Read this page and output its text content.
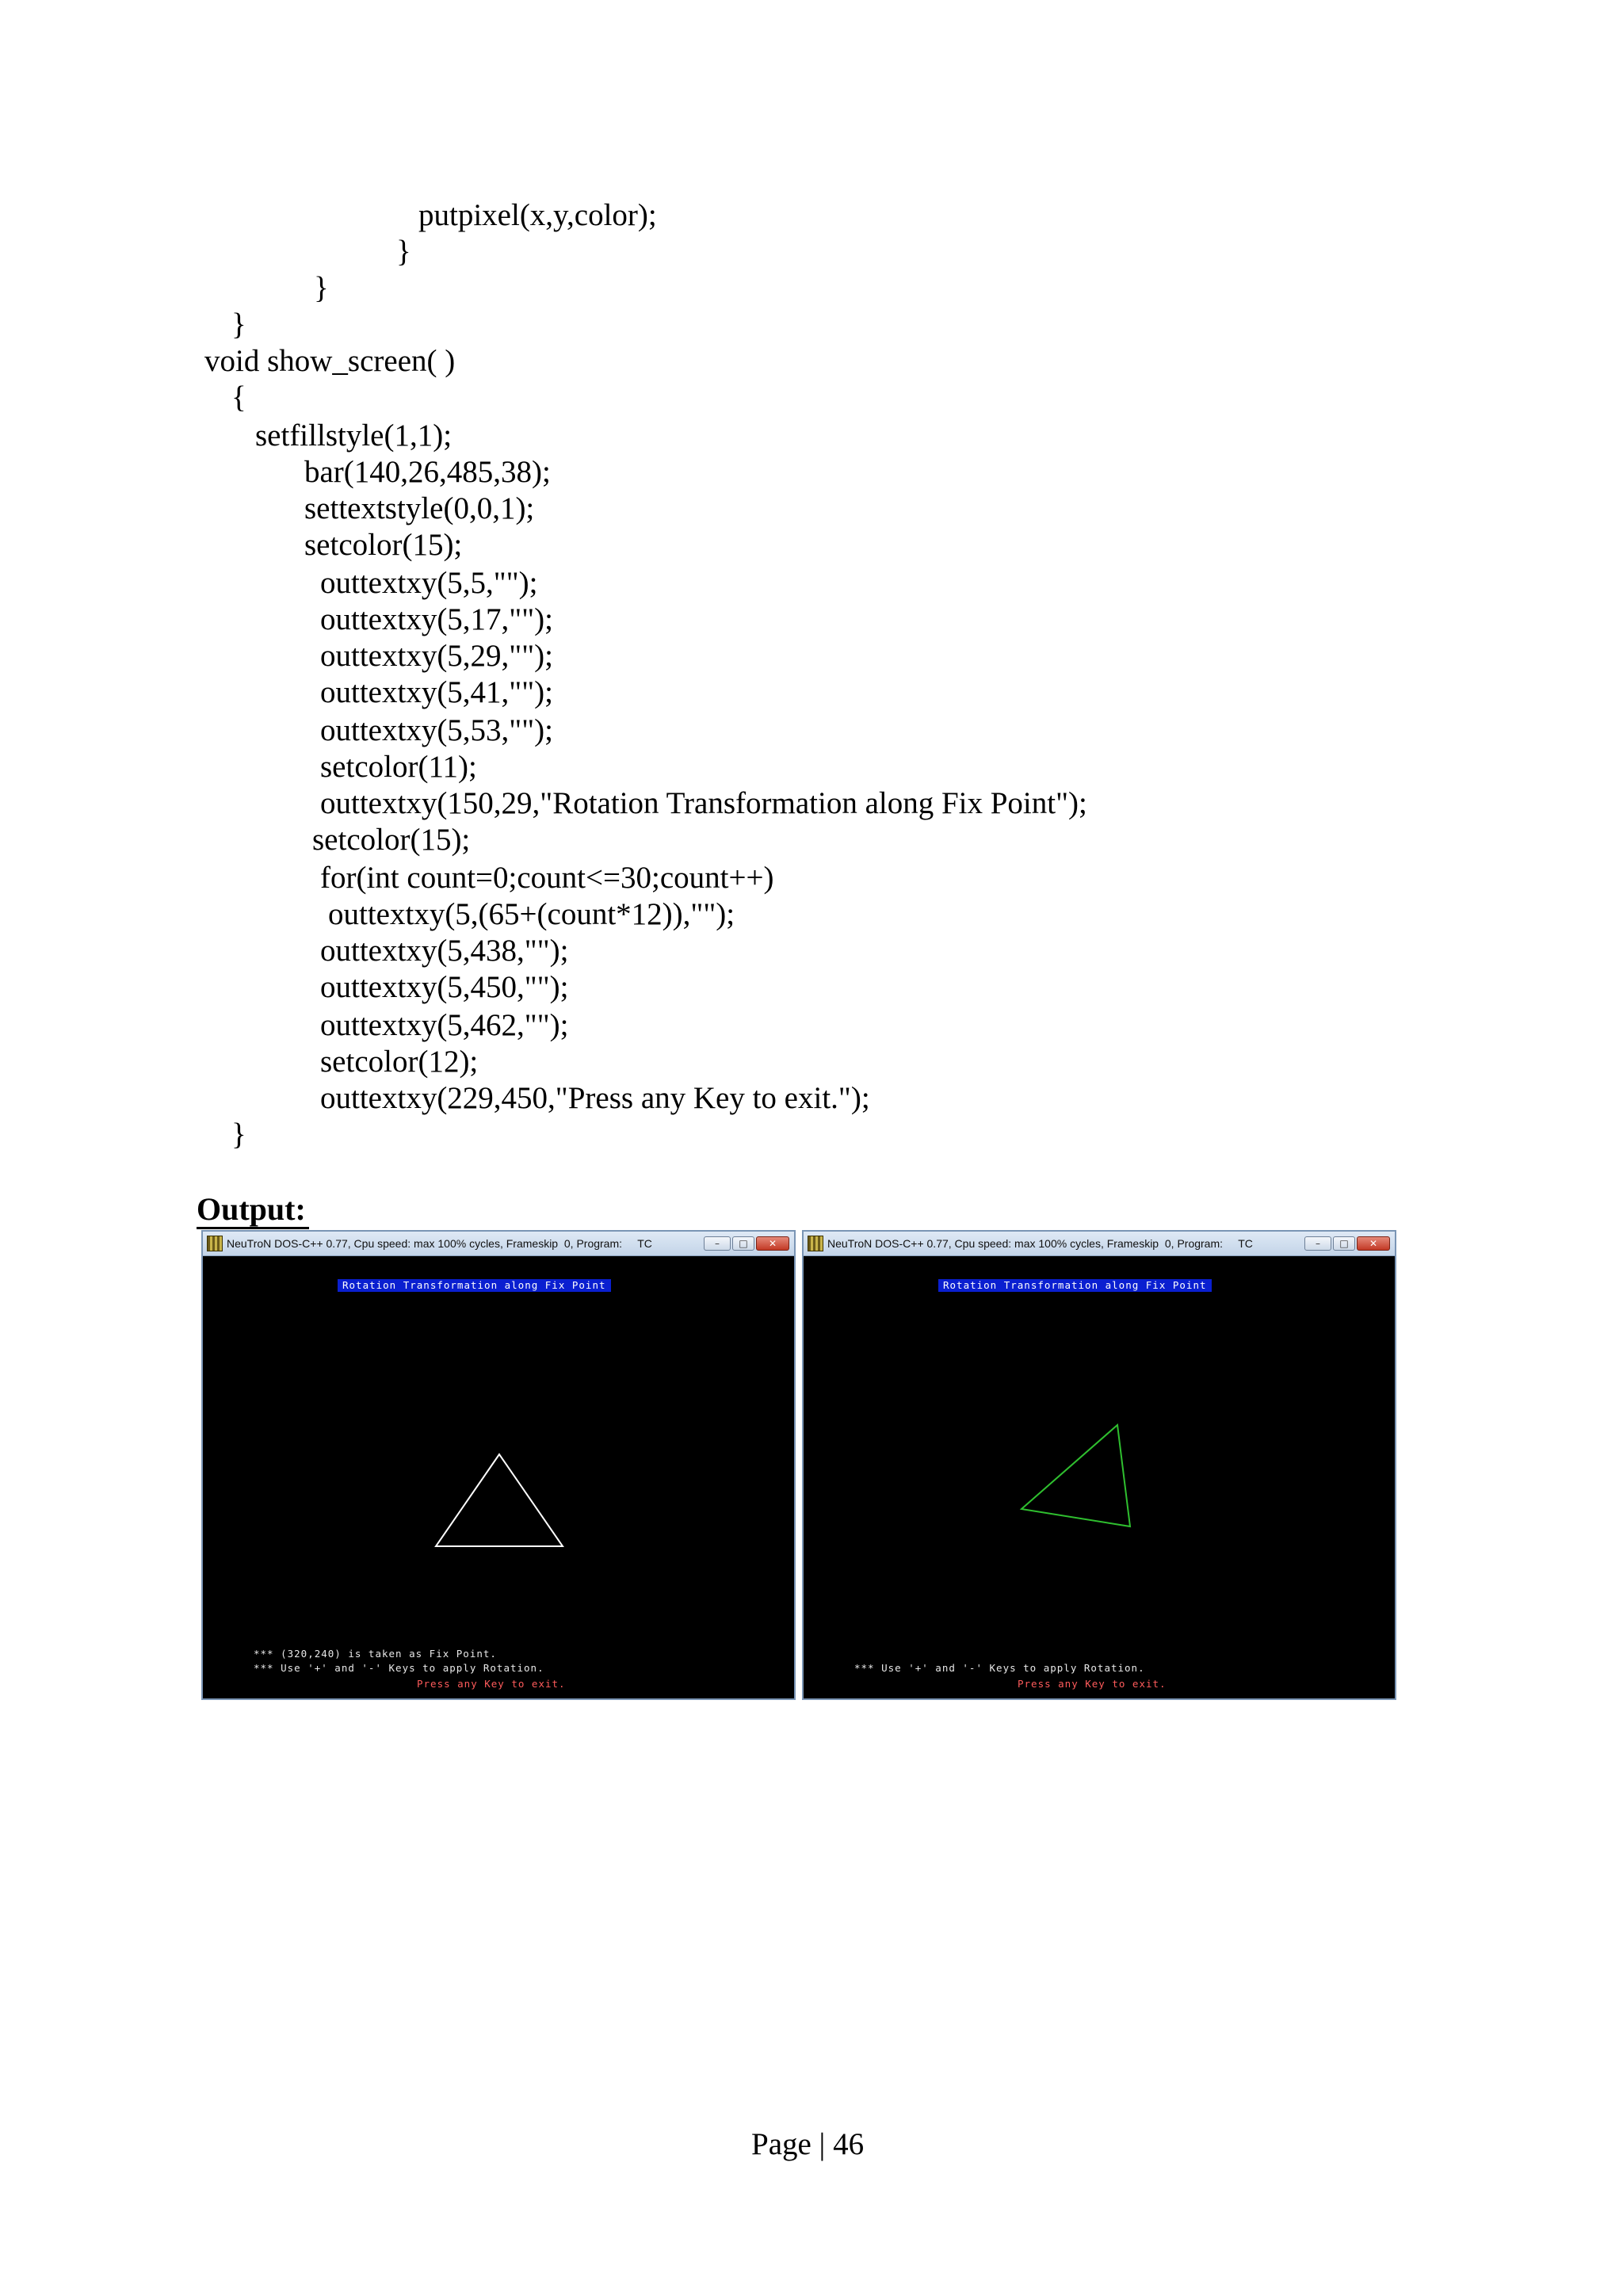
putpixel(x,y,color);
}
}
}
void show_screen( )
{
setfillstyle(1,1);
bar(140,26,485,38);
settextstyle(0,0,1);
setcolor(15);
outtextxy(5,5,"");
outtextxy(5,17,"");
outtextxy(5,29,"");
outtextxy(5,41,"");
outtextxy(5,53,"");
setcolor(11);
outtextxy(150,29,"Rotation Transformation along Fix Point");
setcolor(15);
for(int count=0;count<=30;count++)
outtextxy(5,(65+(count*12)),"");
outtextxy(5,438,"");
outtextxy(5,450,"");
outtextxy(5,462,"");
setcolor(12);
outtextxy(229,450,"Press any Key to exit.");
}
Output:
NeuTroN DOS-C++ 0.77, Cpu speed: max 100% cycles, Frameskip  0, Program:     TC	–	□	✕
Rotation Transformation along Fix Point
*** (320,240) is taken as Fix Point.
*** Use '+' and '-' Keys to apply Rotation.
Press any Key to exit.
NeuTroN DOS-C++ 0.77, Cpu speed: max 100% cycles, Frameskip  0, Program:     TC	–	□	✕
Rotation Transformation along Fix Point
*** Use '+' and '-' Keys to apply Rotation.
Press any Key to exit.
Page | 46
